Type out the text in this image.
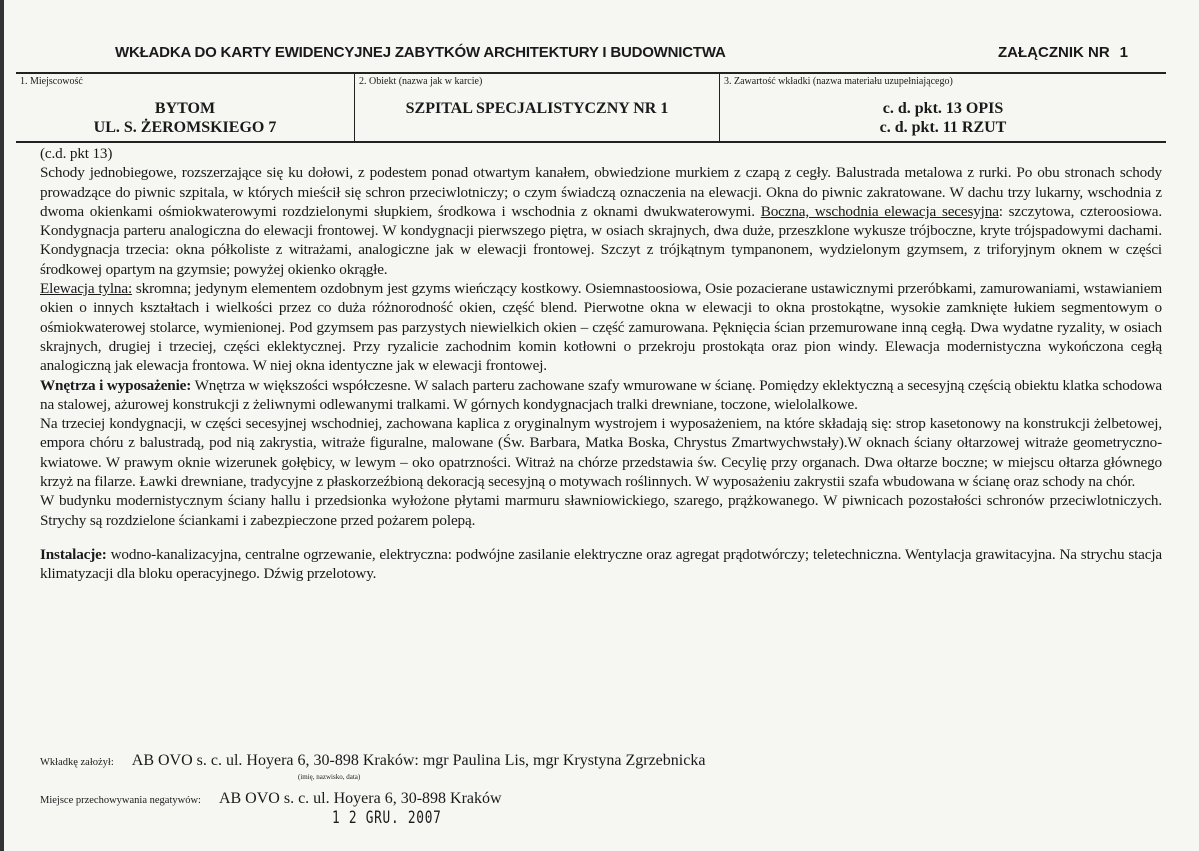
WKŁADKA DO KARTY EWIDENCYJNEJ ZABYTKÓW ARCHITEKTURY I BUDOWNICTWA	ZAŁĄCZNIK NR 1
1. Miejscowość
BYTOM
UL. S. ŻEROMSKIEGO 7

2. Obiekt (nazwa jak w karcie)
SZPITAL SPECJALISTYCZNY NR 1

3. Zawartość wkładki (nazwa materiału uzupełniającego)
c. d. pkt. 13 OPIS
c. d. pkt. 11 RZUT

(c.d. pkt 13)

Schody jednobiegowe, rozszerzające się ku dołowi, z podestem ponad otwartym kanałem, obwiedzione murkiem z czapą z cegły. Balustrada metalowa z rurki. Po obu stronach schody prowadzące do piwnic szpitala, w których mieścił się schron przeciwlotniczy; o czym świadczą oznaczenia na elewacji. Okna do piwnic zakratowane. W dachu trzy lukarny, wschodnia z dwoma okienkami ośmiokwaterowymi rozdzielonymi słupkiem, środkowa i wschodnia z oknami dwukwaterowymi. Boczna, wschodnia elewacja secesyjna: szczytowa, czteroosiowa. Kondygnacja parteru analogiczna do elewacji frontowej. W kondygnacji pierwszego piętra, w osiach skrajnych, dwa duże, przeszklone wykusze trójboczne, kryte trójspadowymi dachami. Kondygnacja trzecia: okna półkoliste z witrażami, analogiczne jak w elewacji frontowej. Szczyt z trójkątnym tympanonem, wydzielonym gzymsem, z triforyjnym oknem w części środkowej opartym na gzymsie; powyżej okienko okrągłe.

Elewacja tylna: skromna; jedynym elementem ozdobnym jest gzyms wieńczący kostkowy. Osiemnastoosiowa, Osie pozacierane ustawicznymi przeróbkami, zamurowaniami, wstawianiem okien o innych kształtach i wielkości przez co duża różnorodność okien, część blend. Pierwotne okna w elewacji to okna prostokątne, wysokie zamknięte łukiem segmentowym o ośmiokwaterowej stolarce, wymienionej. Pod gzymsem pas parzystych niewielkich okien – część zamurowana. Pęknięcia ścian przemurowane inną cegłą. Dwa wydatne ryzality, w osiach skrajnych, drugiej i trzeciej, części eklektycznej. Przy ryzalicie zachodnim komin kotłowni o przekroju prostokąta oraz pion windy. Elewacja modernistyczna wykończona cegłą analogiczną jak elewacja frontowa. W niej okna identyczne jak w elewacji frontowej.

Wnętrza i wyposażenie: Wnętrza w większości współczesne. W salach parteru zachowane szafy wmurowane w ścianę. Pomiędzy eklektyczną a secesyjną częścią obiektu klatka schodowa na stalowej, ażurowej konstrukcji z żeliwnymi odlewanymi tralkami. W górnych kondygnacjach tralki drewniane, toczone, wielolalkowe.

Na trzeciej kondygnacji, w części secesyjnej wschodniej, zachowana kaplica z oryginalnym wystrojem i wyposażeniem, na które składają się: strop kasetonowy na konstrukcji żelbetowej, empora chóru z balustradą, pod nią zakrystia, witraże figuralne, malowane (Św. Barbara, Matka Boska, Chrystus Zmartwychwstały).W oknach ściany ołtarzowej witraże geometryczno-kwiatowe. W prawym oknie wizerunek gołębicy, w lewym – oko opatrzności. Witraż na chórze przedstawia św. Cecylię przy organach. Dwa ołtarze boczne; w miejscu ołtarza głównego krzyż na filarze. Ławki drewniane, tradycyjne z płaskorzeźbioną dekoracją secesyjną o motywach roślinnych. W wyposażeniu zakrystii szafa wbudowana w ścianę oraz schody na chór.

W budynku modernistycznym ściany hallu i przedsionka wyłożone płytami marmuru sławniowickiego, szarego, prążkowanego. W piwnicach pozostałości schronów przeciwlotniczych. Strychy są rozdzielone ściankami i zabezpieczone przed pożarem polepą.

Instalacje: wodno-kanalizacyjna, centralne ogrzewanie, elektryczna: podwójne zasilanie elektryczne oraz agregat prądotwórczy; teletechniczna. Wentylacja grawitacyjna. Na strychu stacja klimatyzacji dla bloku operacyjnego. Dźwig przelotowy.

Wkładkę założył: AB OVO s. c. ul. Hoyera 6, 30-898 Kraków: mgr Paulina Lis, mgr Krystyna Zgrzebnicka
(imię, nazwisko, data)
Miejsce przechowywania negatywów: AB OVO s. c. ul. Hoyera 6, 30-898 Kraków
1 2 GRU. 2007
